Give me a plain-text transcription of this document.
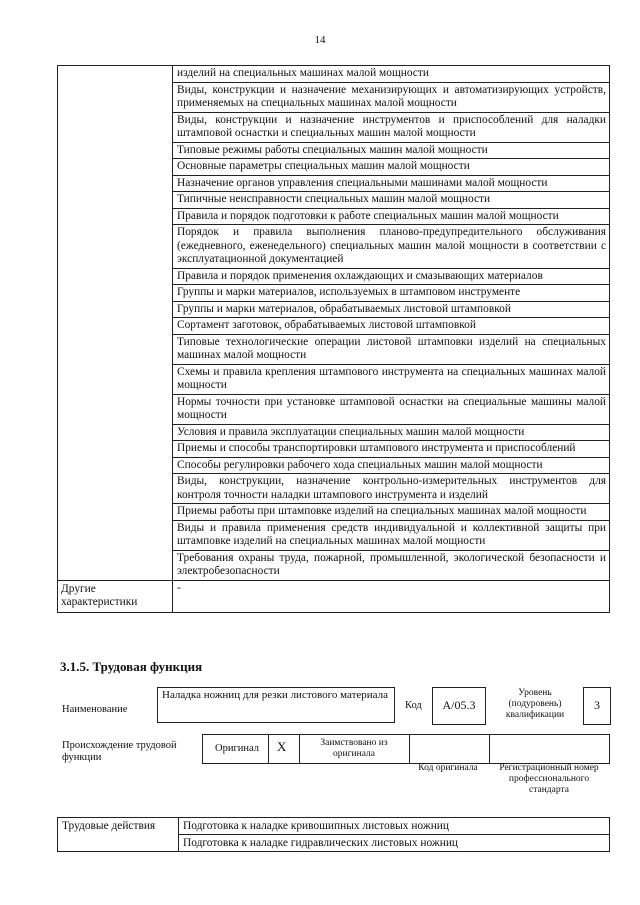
14
	изделий на специальных машинах малой мощности
	Виды, конструкции и назначение механизирующих и автоматизирующих устройств, применяемых на специальных машинах малой мощности
	Виды, конструкции и назначение инструментов и приспособлений для наладки штамповой оснастки и специальных машин малой мощности
	Типовые режимы работы специальных машин малой мощности
	Основные параметры специальных машин малой мощности
	Назначение органов управления специальными машинами малой мощности
	Типичные неисправности специальных машин малой мощности
	Правила и порядок подготовки к работе специальных машин малой мощности
	Порядок и правила выполнения планово-предупредительного обслуживания (ежедневного, еженедельного) специальных машин малой мощности в соответствии с эксплуатационной документацией
	Правила и порядок применения охлаждающих и смазывающих материалов
	Группы и марки материалов, используемых в штамповом инструменте
	Группы и марки материалов, обрабатываемых листовой штамповкой
	Сортамент заготовок, обрабатываемых листовой штамповкой
	Типовые технологические операции листовой штамповки изделий на специальных машинах малой мощности
	Схемы и правила крепления штампового инструмента на специальных машинах малой мощности
	Нормы точности при установке штамповой оснастки на специальные машины малой мощности
	Условия и правила эксплуатации специальных машин малой мощности
	Приемы и способы транспортировки штампового инструмента и приспособлений
	Способы регулировки рабочего хода специальных машин малой мощности
	Виды, конструкции, назначение контрольно-измерительных инструментов для контроля точности наладки штампового инструмента и изделий
	Приемы работы при штамповке изделий на специальных машинах малой мощности
	Виды и правила применения средств индивидуальной и коллективной защиты при штамповке изделий на специальных машинах малой мощности
	Требования охраны труда, пожарной, промышленной, экологической безопасности и электробезопасности
Другие характеристики	-
3.1.5. Трудовая функция
Наименование
Наладка ножниц для резки листового материала
Код	A/05.3
Уровень (подуровень) квалификации
3
Происхождение трудовой функции
Оригинал X	Заимствовано из оригинала
Код оригинала	Регистрационный номер профессионального стандарта
Трудовые действия	Подготовка к наладке кривошипных листовых ножниц
Подготовка к наладке гидравлических листовых ножниц
